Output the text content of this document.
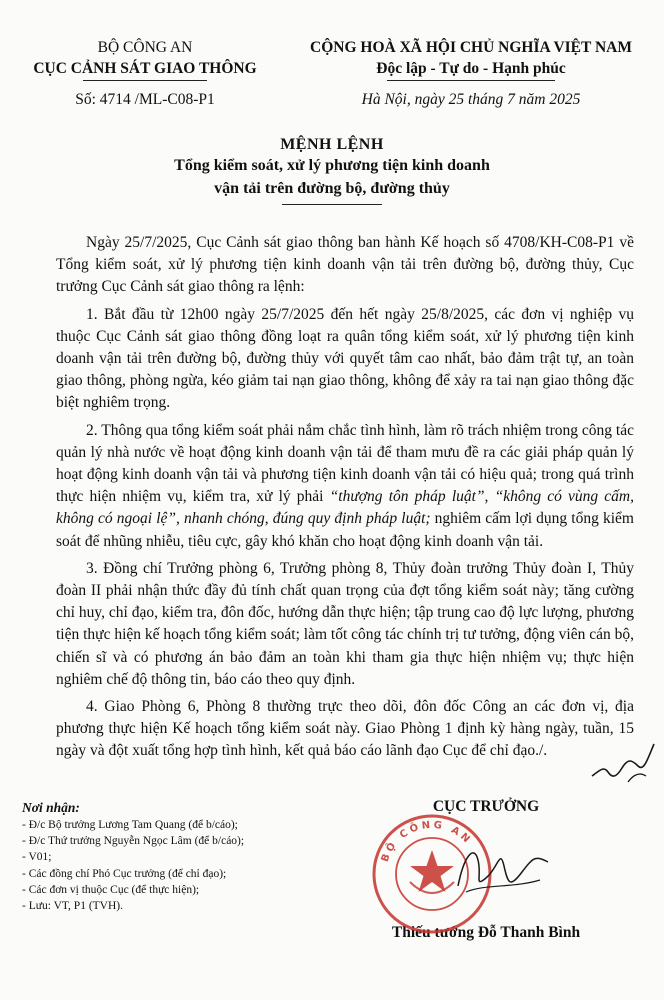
BỘ CÔNG AN
CỤC CẢNH SÁT GIAO THÔNG
Số: 4714 /ML-C08-P1
CỘNG HOÀ XÃ HỘI CHỦ NGHĨA VIỆT NAM
Độc lập - Tự do - Hạnh phúc
Hà Nội, ngày 25 tháng 7 năm 2025
MỆNH LỆNH
Tổng kiểm soát, xử lý phương tiện kinh doanh
vận tải trên đường bộ, đường thủy

Ngày 25/7/2025, Cục Cảnh sát giao thông ban hành Kế hoạch số 4708/KH-C08-P1 về Tổng kiểm soát, xử lý phương tiện kinh doanh vận tải trên đường bộ, đường thủy, Cục trưởng Cục Cảnh sát giao thông ra lệnh:

1. Bắt đầu từ 12h00 ngày 25/7/2025 đến hết ngày 25/8/2025, các đơn vị nghiệp vụ thuộc Cục Cảnh sát giao thông đồng loạt ra quân tổng kiểm soát, xử lý phương tiện kinh doanh vận tải trên đường bộ, đường thủy với quyết tâm cao nhất, bảo đảm trật tự, an toàn giao thông, phòng ngừa, kéo giảm tai nạn giao thông, không để xảy ra tai nạn giao thông đặc biệt nghiêm trọng.

2. Thông qua tổng kiểm soát phải nắm chắc tình hình, làm rõ trách nhiệm trong công tác quản lý nhà nước về hoạt động kinh doanh vận tải để tham mưu đề ra các giải pháp quản lý hoạt động kinh doanh vận tải và phương tiện kinh doanh vận tải có hiệu quả; trong quá trình thực hiện nhiệm vụ, kiểm tra, xử lý phải “thượng tôn pháp luật”, “không có vùng cấm, không có ngoại lệ”, nhanh chóng, đúng quy định pháp luật; nghiêm cấm lợi dụng tổng kiểm soát để nhũng nhiễu, tiêu cực, gây khó khăn cho hoạt động kinh doanh vận tải.

3. Đồng chí Trưởng phòng 6, Trưởng phòng 8, Thủy đoàn trưởng Thủy đoàn I, Thủy đoàn II phải nhận thức đầy đủ tính chất quan trọng của đợt tổng kiểm soát này; tăng cường chỉ huy, chỉ đạo, kiểm tra, đôn đốc, hướng dẫn thực hiện; tập trung cao độ lực lượng, phương tiện thực hiện kế hoạch tổng kiểm soát; làm tốt công tác chính trị tư tưởng, động viên cán bộ, chiến sĩ và có phương án bảo đảm an toàn khi tham gia thực hiện nhiệm vụ; thực hiện nghiêm chế độ thông tin, báo cáo theo quy định.

4. Giao Phòng 6, Phòng 8 thường trực theo dõi, đôn đốc Công an các đơn vị, địa phương thực hiện Kế hoạch tổng kiểm soát này. Giao Phòng 1 định kỳ hàng ngày, tuần, 15 ngày và đột xuất tổng hợp tình hình, kết quả báo cáo lãnh đạo Cục để chỉ đạo./.

Nơi nhận:
- Đ/c Bộ trưởng Lương Tam Quang (để b/cáo);
- Đ/c Thứ trưởng Nguyễn Ngọc Lâm (để b/cáo);
- V01;
- Các đồng chí Phó Cục trưởng (để chỉ đạo);
- Các đơn vị thuộc Cục (để thực hiện);
- Lưu: VT, P1 (TVH).
BỘ CÔNG AN
CỤC TRƯỞNG
Thiếu tướng Đỗ Thanh Bình
